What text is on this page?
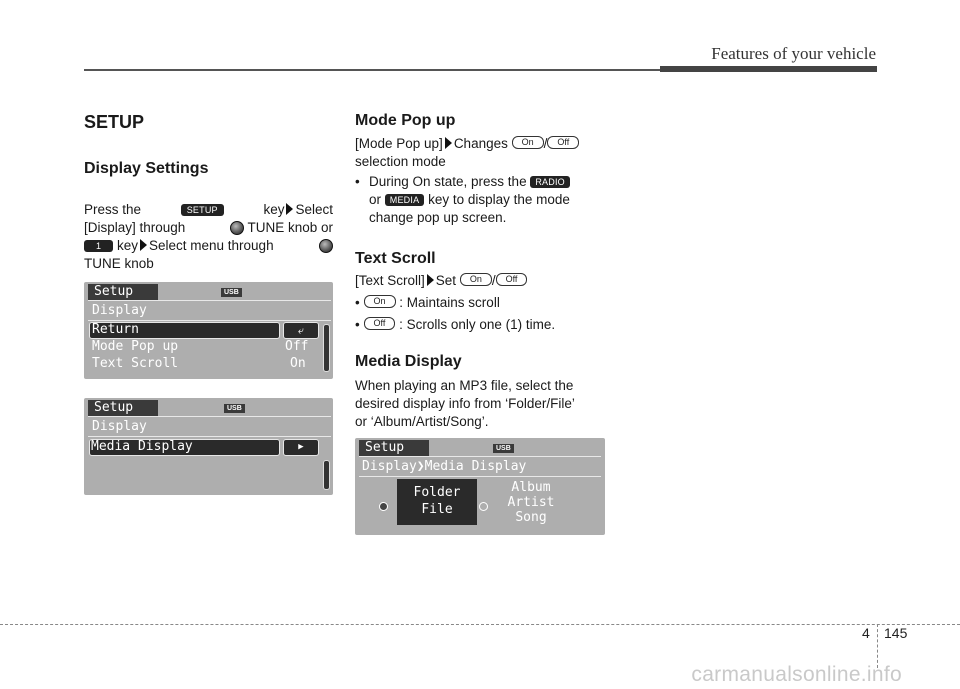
Features of your vehicle
SETUP
Display Settings
Press the	SETUP	key Select
[Display] through	TUNE knob or
1 key Select menu through
TUNE knob
Setup	USB
Display
Return	⤶
Mode Pop up	Off
Text Scroll	On
Setup	USB
Display
Media Display	▶
Mode Pop up
[Mode Pop up] Changes On / Off
selection mode
• During On state, press the RADIO
or MEDIA key to display the mode
change pop up screen.
Text Scroll
[Text Scroll] Set On / Off
• On : Maintains scroll
• Off : Scrolls only one (1) time.
Media Display
When playing an MP3 file, select the
desired display info from ‘Folder/File’
or ‘Album/Artist/Song’.
Setup	USB
Display❯Media Display
Folder
File
Album
Artist
Song
4 145
carmanualsonline.info
